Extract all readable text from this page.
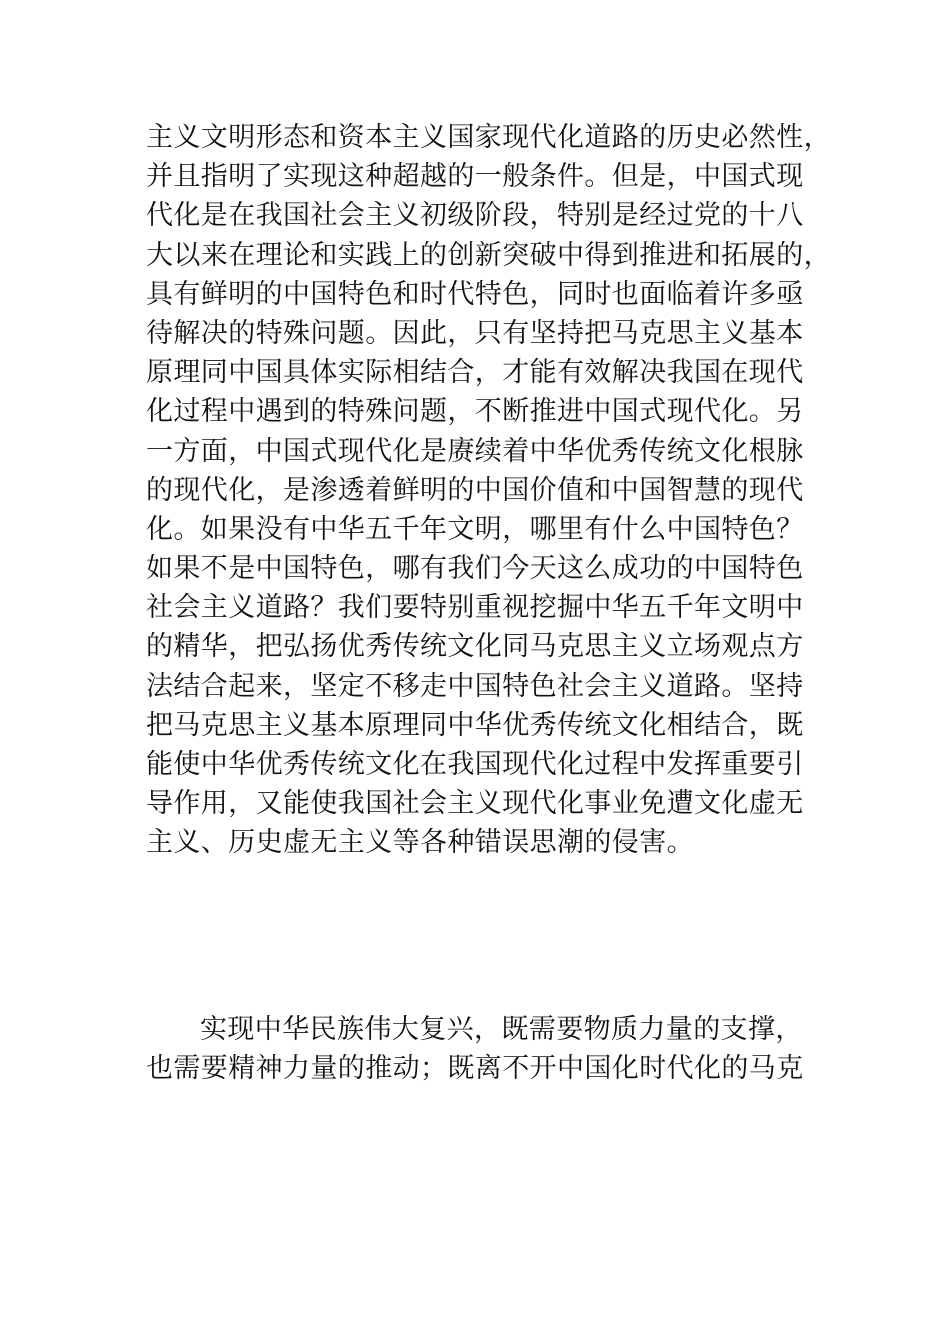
主义文明形态和资本主义国家现代化道路的历史必然性，
并且指明了实现这种超越的一般条件。但是，中国式现
代化是在我国社会主义初级阶段，特别是经过党的十八
大以来在理论和实践上的创新突破中得到推进和拓展的，
具有鲜明的中国特色和时代特色，同时也面临着许多亟
待解决的特殊问题。因此，只有坚持把马克思主义基本
原理同中国具体实际相结合，才能有效解决我国在现代
化过程中遇到的特殊问题，不断推进中国式现代化。另
一方面，中国式现代化是赓续着中华优秀传统文化根脉
的现代化，是渗透着鲜明的中国价值和中国智慧的现代
化。如果没有中华五千年文明，哪里有什么中国特色？
如果不是中国特色，哪有我们今天这么成功的中国特色
社会主义道路？我们要特别重视挖掘中华五千年文明中
的精华，把弘扬优秀传统文化同马克思主义立场观点方
法结合起来，坚定不移走中国特色社会主义道路。坚持
把马克思主义基本原理同中华优秀传统文化相结合，既
能使中华优秀传统文化在我国现代化过程中发挥重要引
导作用，又能使我国社会主义现代化事业免遭文化虚无
主义、历史虚无主义等各种错误思潮的侵害。
实现中华民族伟大复兴，既需要物质力量的支撑，
也需要精神力量的推动；既离不开中国化时代化的马克
